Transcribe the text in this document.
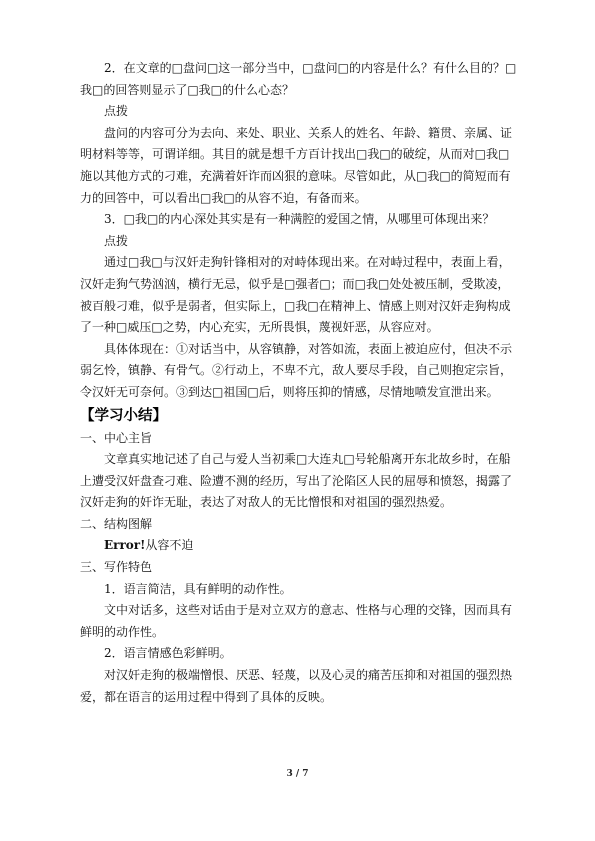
2．在文章的□盘问□这一部分当中，□盘问□的内容是什么？有什么目的？□我□的回答则显示了□我□的什么心态？

点拨

盘问的内容可分为去向、来处、职业、关系人的姓名、年龄、籍贯、亲属、证明材料等等，可谓详细。其目的就是想千方百计找出□我□的破绽，从而对□我□施以其他方式的刁难，充满着奸诈而凶狠的意味。尽管如此，从□我□的简短而有力的回答中，可以看出□我□的从容不迫，有备而来。

3．□我□的内心深处其实是有一种满腔的爱国之情，从哪里可体现出来？

点拨

通过□我□与汉奸走狗针锋相对的对峙体现出来。在对峙过程中，表面上看，汉奸走狗气势汹汹，横行无忌，似乎是□强者□；而□我□处处被压制，受欺凌，被百般刁难，似乎是弱者，但实际上，□我□在精神上、情感上则对汉奸走狗构成了一种□威压□之势，内心充实，无所畏惧，蔑视奸恶，从容应对。

具体体现在：①对话当中，从容镇静，对答如流，表面上被迫应付，但决不示弱乞怜，镇静、有骨气。②行动上，不卑不亢，敌人要尽手段，自己则抱定宗旨，令汉奸无可奈何。③到达□祖国□后，则将压抑的情感，尽情地喷发宣泄出来。

【学习小结】

一、中心主旨

文章真实地记述了自己与爱人当初乘□大连丸□号轮船离开东北故乡时，在船上遭受汉奸盘查刁难、险遭不测的经历，写出了沦陷区人民的屈辱和愤怒，揭露了汉奸走狗的奸诈无耻，表达了对敌人的无比憎恨和对祖国的强烈热爱。

二、结构图解

Error!从容不迫

三、写作特色

1．语言简洁，具有鲜明的动作性。

文中对话多，这些对话由于是对立双方的意志、性格与心理的交锋，因而具有鲜明的动作性。

2．语言情感色彩鲜明。

对汉奸走狗的极端憎恨、厌恶、轻蔑，以及心灵的痛苦压抑和对祖国的强烈热爱，都在语言的运用过程中得到了具体的反映。

3 / 7
